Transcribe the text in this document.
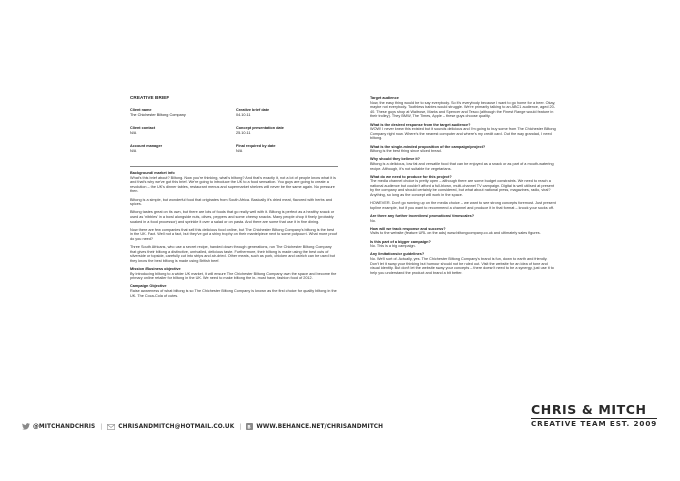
CREATIVE BRIEF
Client name
The Chichester Biltong Company
Creative brief date
04.10.11
Client contact
N/A
Concept presentation date
25.10.11
Account manager
N/A
Final required by date
N/A
Background/ market info
What's this brief about? Biltong. Now you're thinking, what's biltong? And that's exactly it, not a lot of people know what it is and that's why we've got this brief. We're going to introduce the UK to a food sensation. You guys are going to create a revolution – the UK's dinner tables, restaurant menus and supermarket shelves will never be the same again. No pressure then.
Biltong is a simple, but wonderful food that originates from South Africa. Basically it's dried meat, flavored with herbs and spices.
Biltong tastes great on its own, but there are lots of foods that go really well with it. Biltong is perfect as a healthy snack or used as 'nibbles' in a bowl alongside nuts, olives, peppers and some cheesy snacks. Many people chop it finely (probably soaked in a food processor) and sprinkle it over a salad or on pasta. And there are some that use it in fine dining.
Now there are few companies that sell this delicious food online, but The Chichester Biltong Company's biltong is the best in the UK. Fact. Well not a fact, but they've got a shiny trophy on their mantelpiece next to some potpourri. What more proof do you need?
Three South Africans, who use a secret recipe, handed down through generations, run The Chichester Biltong Company that gives their biltong a distinctive, unrivalled, delicious taste. Furthermore, their biltong is made using the best cuts of silverside or topside, carefully cut into strips and air-dried. Other meats, such as pork, chicken and ostrich can be used but they know the best biltong is made using British beef.
Mission /Business objective
By introducing biltong to a wider UK market, it will ensure The Chichester Biltong Company own the space and become the primary online retailer for biltong in the UK. We need to make biltong the in- must have, fashion food of 2012.
Campaign Objective
Raise awareness of what biltong is so The Chichester Biltong Company is known as the first choice for quality biltong in the UK. The Coca-Cola of cutes.
Target audience
Now, the easy thing would be to say everybody. So it's everybody because I want to go home for a beer. Okay, maybe not everybody. Toothless babies would struggle. We're primarily talking to an ABC1 audience, aged 20-40. These guys shop at Waitrose, Marks and Spencer and Tesco (although the Finest Range would feature in their trolley). They BMW, The Times, Apple – these guys choose quality.
What is the desired response from the target audience?
WOW! I never knew this existed but it sounds delicious and I'm going to buy some from The Chichester Biltong Company right now. Where's the nearest computer and where's my credit card. Out the way grandad, I need biltong.
What is the single-minded proposition of the campaign/project?
Biltong is the best thing since sliced bread.
Why should they believe it?
Biltong is a delicious, low fat and versatile food that can be enjoyed as a snack or as part of a mouth-watering recipe. Although, it's not suitable for vegetarians.
What do we need to produce for this project?
The media channel choice is pretty open – although there are some budget constraints. We need to reach a national audience but couldn't afford a full-blown, multi-channel TV campaign. Digital is well utilised at present by the company and should certainly be considered, but what about national press, magazines, radio, viral? Anything, so long as the concept will work in the space.
HOWEVER. Don't go running up on the media choice – we want to see strong concepts foremost. Just present topline example, but if you want to recommend a channel and produce it in that format – knock your socks off.
Are there any further incentives/ promotions/ timescales?
No.
How will we track response and success?
Visits to the website (feature URL on the ads) www.biltongcompany.co.uk and ultimately sales figures.
Is this part of a bigger campaign?
No. This is a big campaign.
Any limitations/or guidelines?
No. We'll sort of. Actually, yes. The Chichester Biltong Company's brand is fun, down to earth and friendly. Don't let it swap your thinking but humour should not be ruled out. Visit the website for an idea of tone and visual identity. But don't let the website sway your concepts – there doesn't need to be a synergy, just use it to help you understand the product and brand a bit better.
CHRIS & MITCH
CREATIVE TEAM EST. 2009
@MITCHANDCHRIS |	CHRISANDMITCH@HOTMAIL.CO.UK | B WWW.BEHANCE.NET/CHRISANDMITCH
